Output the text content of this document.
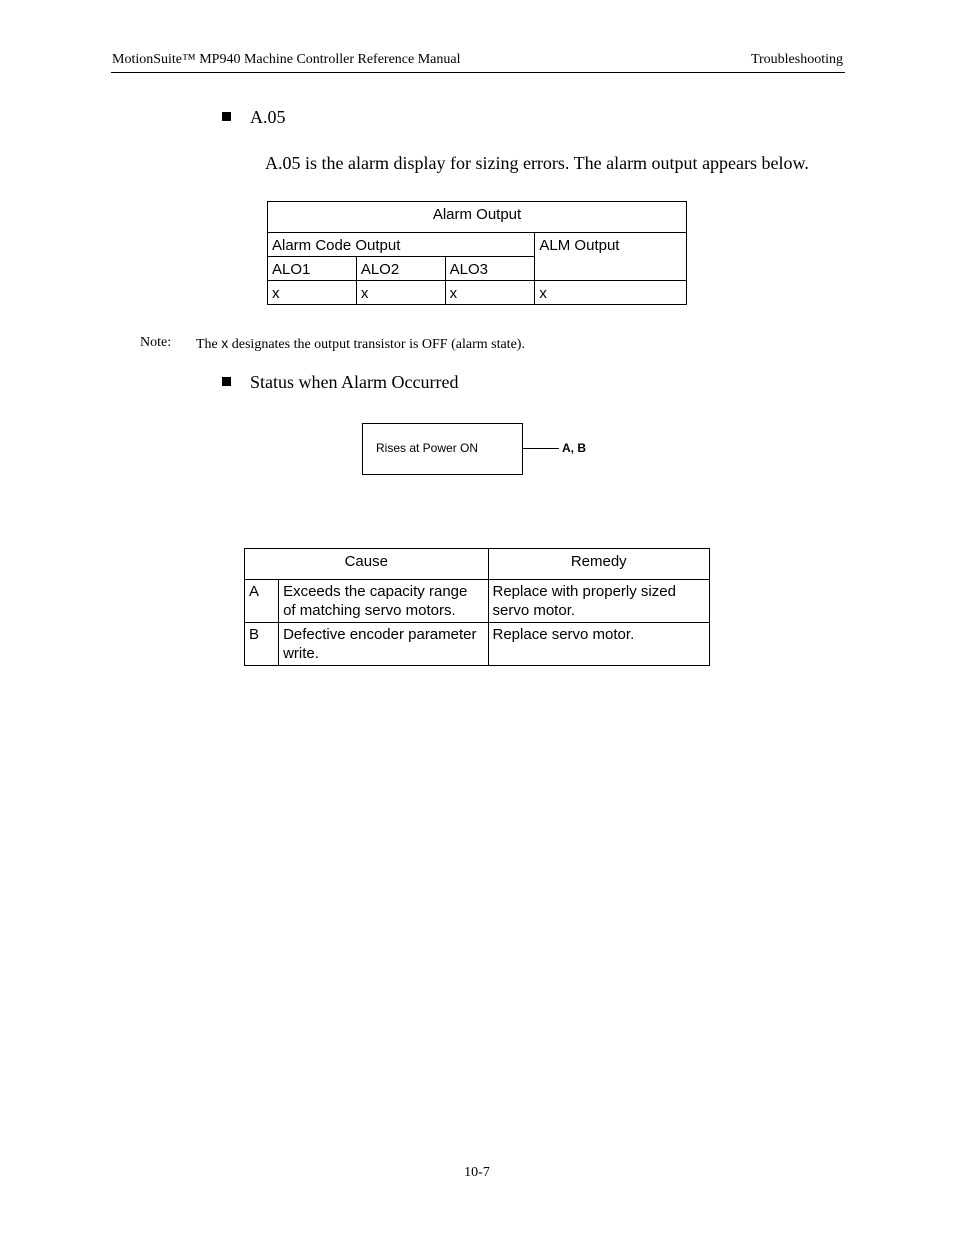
MotionSuite™ MP940 Machine Controller Reference Manual	Troubleshooting
A.05
A.05 is the alarm display for sizing errors. The alarm output appears below.
Alarm Output			
Alarm Code Output			ALM Output
ALO1	ALO2	ALO3	
x	x	x	x
Note: The x designates the output transistor is OFF (alarm state).
Status when Alarm Occurred
Rises at Power ON	A, B
Cause		Remedy
A	Exceeds the capacity range of matching servo motors.	Replace with properly sized servo motor.
B	Defective encoder parameter write.	Replace servo motor.
10-7
